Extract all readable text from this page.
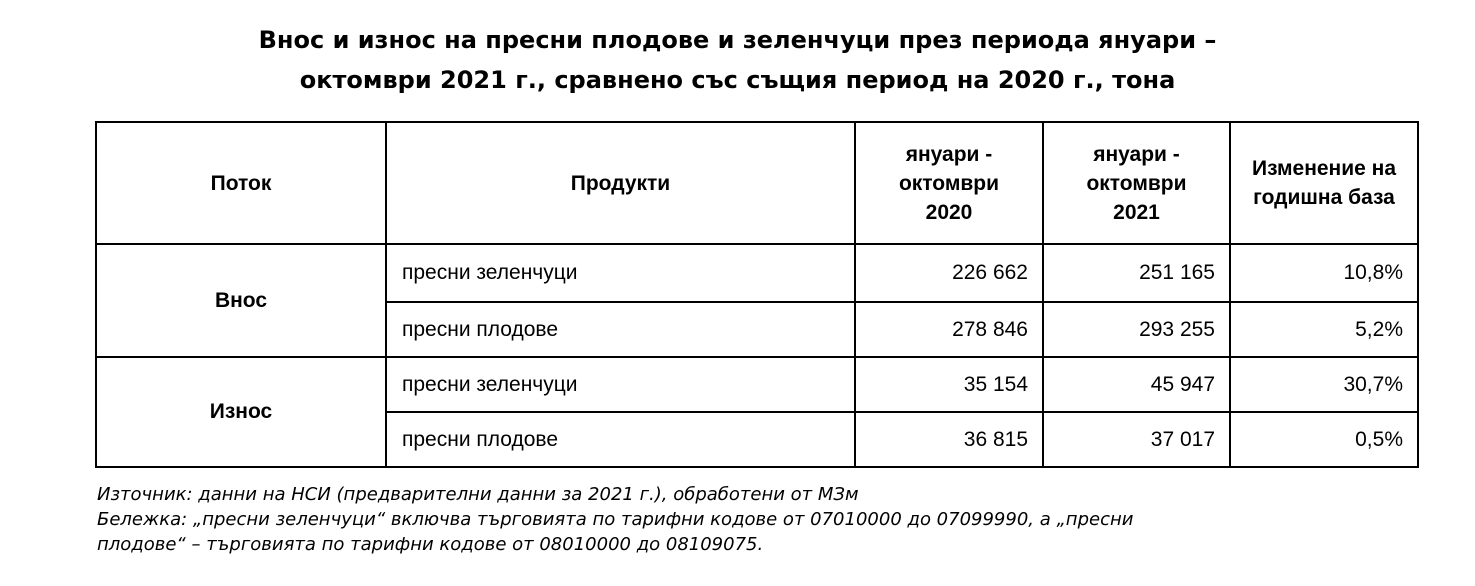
Внос и износ на пресни плодове и зеленчуци през периода януари –
октомври 2021 г., сравнено със същия период на 2020 г., тона
Поток	Продукти	януари -
октомври
2020	януари -
октомври
2021	Изменение на
годишна база
Внос	пресни зеленчуци	226 662	251 165	10,8%
	пресни плодове	278 846	293 255	5,2%
Износ	пресни зеленчуци	35 154	45 947	30,7%
	пресни плодове	36 815	37 017	0,5%
Източник: данни на НСИ (предварителни данни за 2021 г.), обработени от МЗм
Бележка: „пресни зеленчуци“ включва търговията по тарифни кодове от 07010000 до 07099990, а „пресни
плодове“ – търговията по тарифни кодове от 08010000 до 08109075.
